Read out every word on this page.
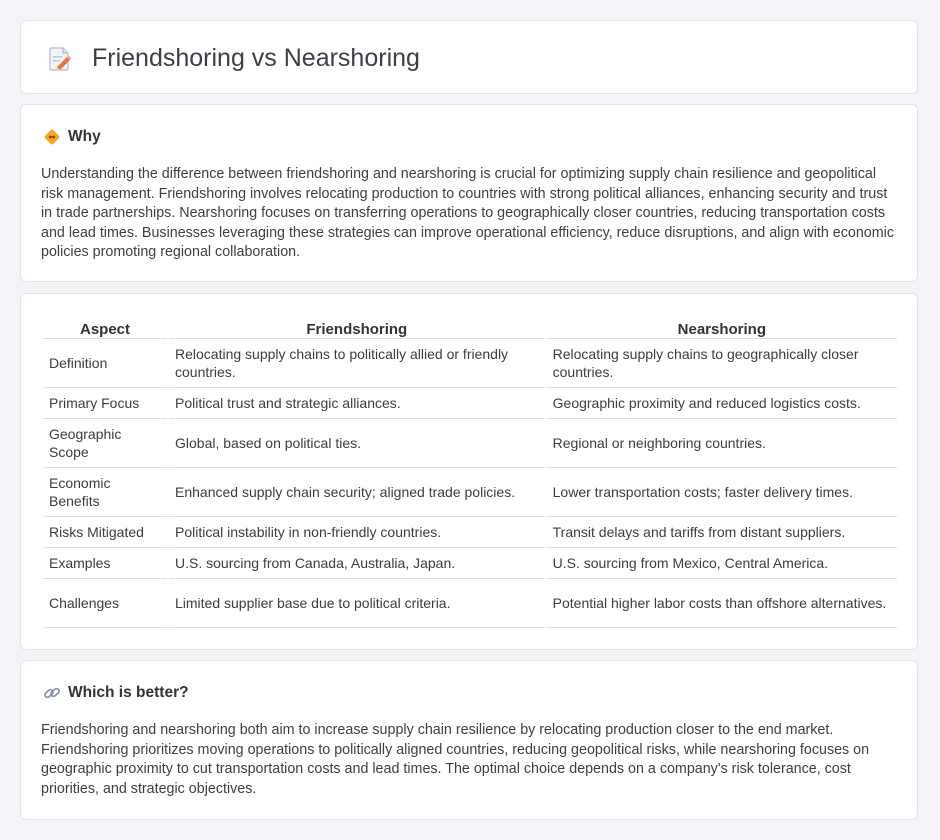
Friendshoring vs Nearshoring
Why

Understanding the difference between friendshoring and nearshoring is crucial for optimizing supply chain resilience and geopolitical risk management. Friendshoring involves relocating production to countries with strong political alliances, enhancing security and trust in trade partnerships. Nearshoring focuses on transferring operations to geographically closer countries, reducing transportation costs and lead times. Businesses leveraging these strategies can improve operational efficiency, reduce disruptions, and align with economic policies promoting regional collaboration.

Aspect	Friendshoring	Nearshoring
Definition	Relocating supply chains to politically allied or friendly countries.	Relocating supply chains to geographically closer countries.
Primary Focus	Political trust and strategic alliances.	Geographic proximity and reduced logistics costs.
Geographic Scope	Global, based on political ties.	Regional or neighboring countries.
Economic Benefits	Enhanced supply chain security; aligned trade policies.	Lower transportation costs; faster delivery times.
Risks Mitigated	Political instability in non-friendly countries.	Transit delays and tariffs from distant suppliers.
Examples	U.S. sourcing from Canada, Australia, Japan.	U.S. sourcing from Mexico, Central America.
Challenges	Limited supplier base due to political criteria.	Potential higher labor costs than offshore alternatives.
Which is better?

Friendshoring and nearshoring both aim to increase supply chain resilience by relocating production closer to the end market. Friendshoring prioritizes moving operations to politically aligned countries, reducing geopolitical risks, while nearshoring focuses on geographic proximity to cut transportation costs and lead times. The optimal choice depends on a company's risk tolerance, cost priorities, and strategic objectives.
